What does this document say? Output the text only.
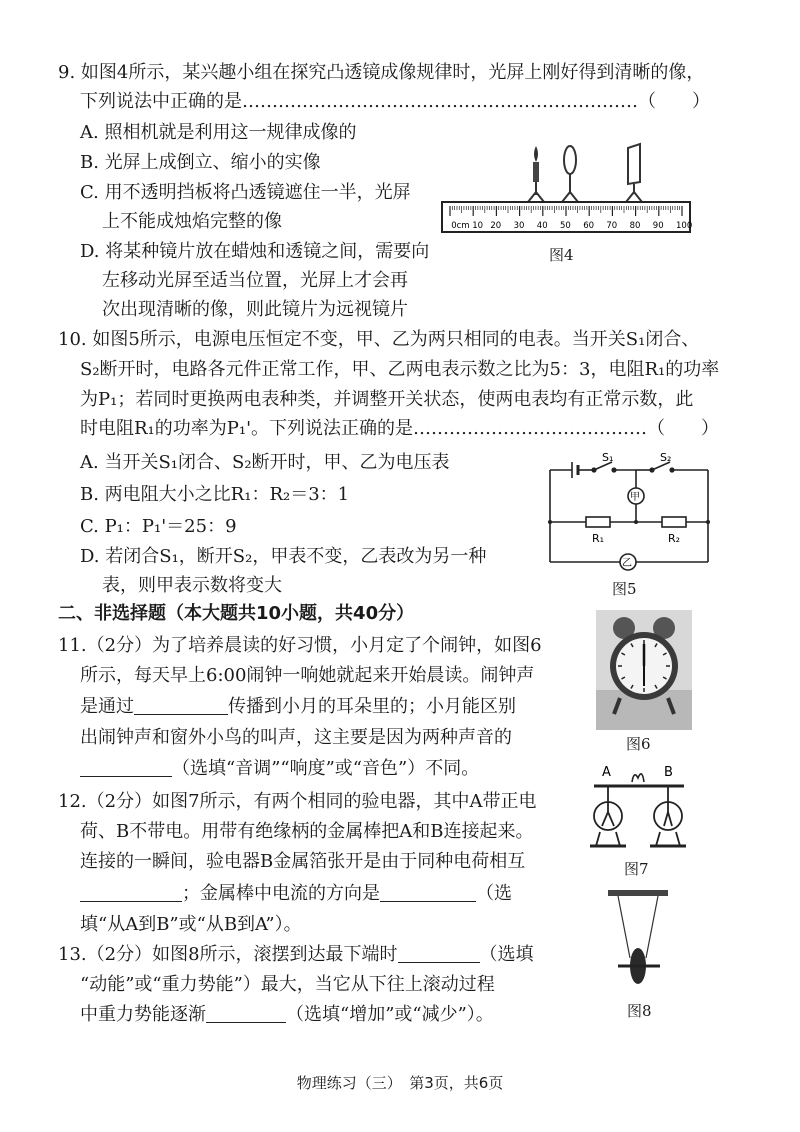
9. 如图4所示，某兴趣小组在探究凸透镜成像规律时，光屏上刚好得到清晰的像，
下列说法中正确的是…………………………………………………………（　　）
A. 照相机就是利用这一规律成像的
B. 光屏上成倒立、缩小的实像
C. 用不透明挡板将凸透镜遮住一半，光屏
上不能成烛焰完整的像
D. 将某种镜片放在蜡烛和透镜之间，需要向
左移动光屏至适当位置，光屏上才会再
次出现清晰的像，则此镜片为远视镜片
0cm 10 20 30 40 50 60 70 80 90 100
图4
10. 如图5所示，电源电压恒定不变，甲、乙为两只相同的电表。当开关S₁闭合、
S₂断开时，电路各元件正常工作，甲、乙两电表示数之比为5：3，电阻R₁的功率
为P₁；若同时更换两电表种类，并调整开关状态，使两电表均有正常示数，此
时电阻R₁的功率为P₁'。下列说法正确的是…………………………………（　　）
A. 当开关S₁闭合、S₂断开时，甲、乙为电压表
B. 两电阻大小之比R₁：R₂＝3：1
C. P₁：P₁'＝25：9
D. 若闭合S₁，断开S₂，甲表不变，乙表改为另一种
表，则甲表示数将变大
S₁	S₂
甲
乙
R₁	R₂
图5
二、非选择题（本大题共10小题，共40分）
11.（2分）为了培养晨读的好习惯，小月定了个闹钟，如图6
所示，每天早上6:00闹钟一响她就起来开始晨读。闹钟声
是通过	传播到小月的耳朵里的；小月能区别
出闹钟声和窗外小鸟的叫声，这主要是因为两种声音的
（选填“音调”“响度”或“音色”）不同。
图6
12.（2分）如图7所示，有两个相同的验电器，其中A带正电
荷、B不带电。用带有绝缘柄的金属棒把A和B连接起来。
连接的一瞬间，验电器B金属箔张开是由于同种电荷相互
；金属棒中电流的方向是	（选
填“从A到B”或“从B到A”）。
A	B
图7
13.（2分）如图8所示，滚摆到达最下端时	（选填
“动能”或“重力势能”）最大，当它从下往上滚动过程
中重力势能逐渐	（选填“增加”或“减少”）。	图8
物理练习（三）　第3页，共6页
